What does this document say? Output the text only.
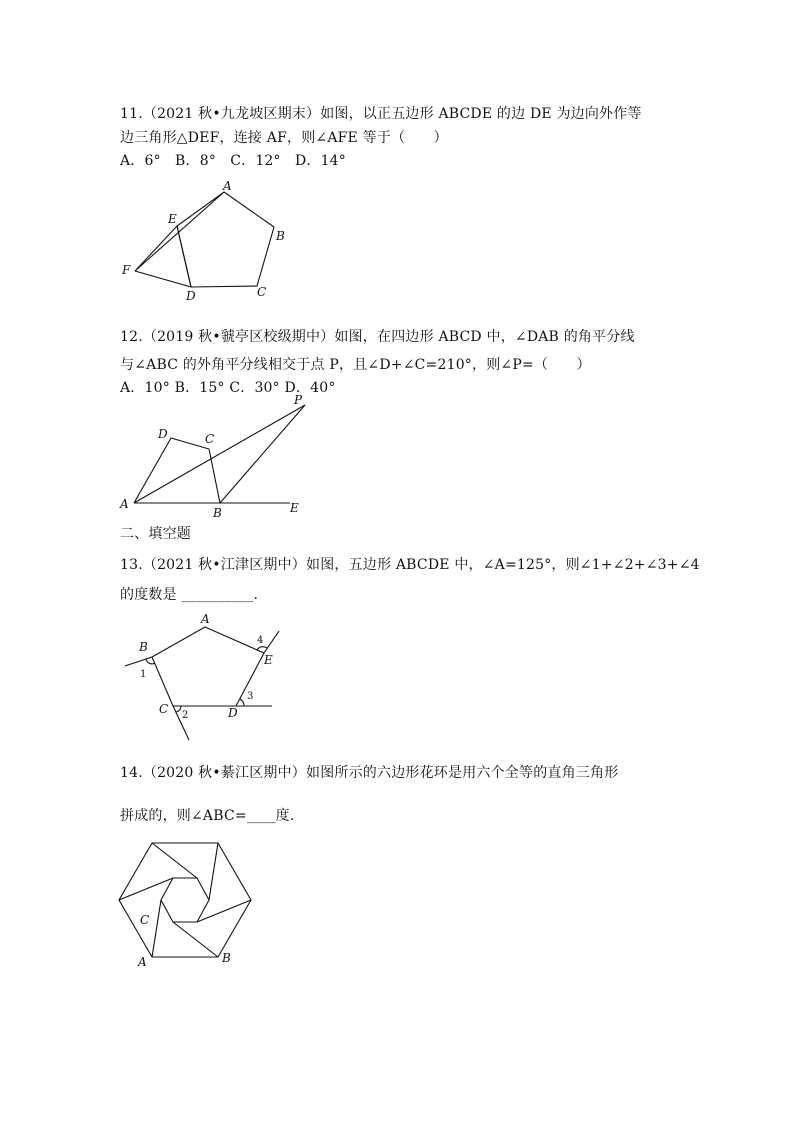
11.（2021 秋•九龙坡区期末）如图，以正五边形 ABCDE 的边 DE 为边向外作等
边三角形△DEF，连接 AF，则∠AFE 等于（　　）
A．6°　B．8°　C．12°　D．14°
A
B
C
D
E
F
12.（2019 秋•虢亭区校级期中）如图，在四边形 ABCD 中，∠DAB 的角平分线
与∠ABC 的外角平分线相交于点 P，且∠D+∠C=210°，则∠P=（　　）
A．10° B．15° C．30° D．40°
A
B
C
D
E
P
二、填空题
13.（2021 秋•江津区期中）如图，五边形 ABCDE 中，∠A=125°，则∠1+∠2+∠3+∠4
的度数是 __________.
A
B
C	D
E
1
2
3
4
14.（2020 秋•綦江区期中）如图所示的六边形花环是用六个全等的直角三角形
拼成的，则∠ABC=____度.
A	B
C
